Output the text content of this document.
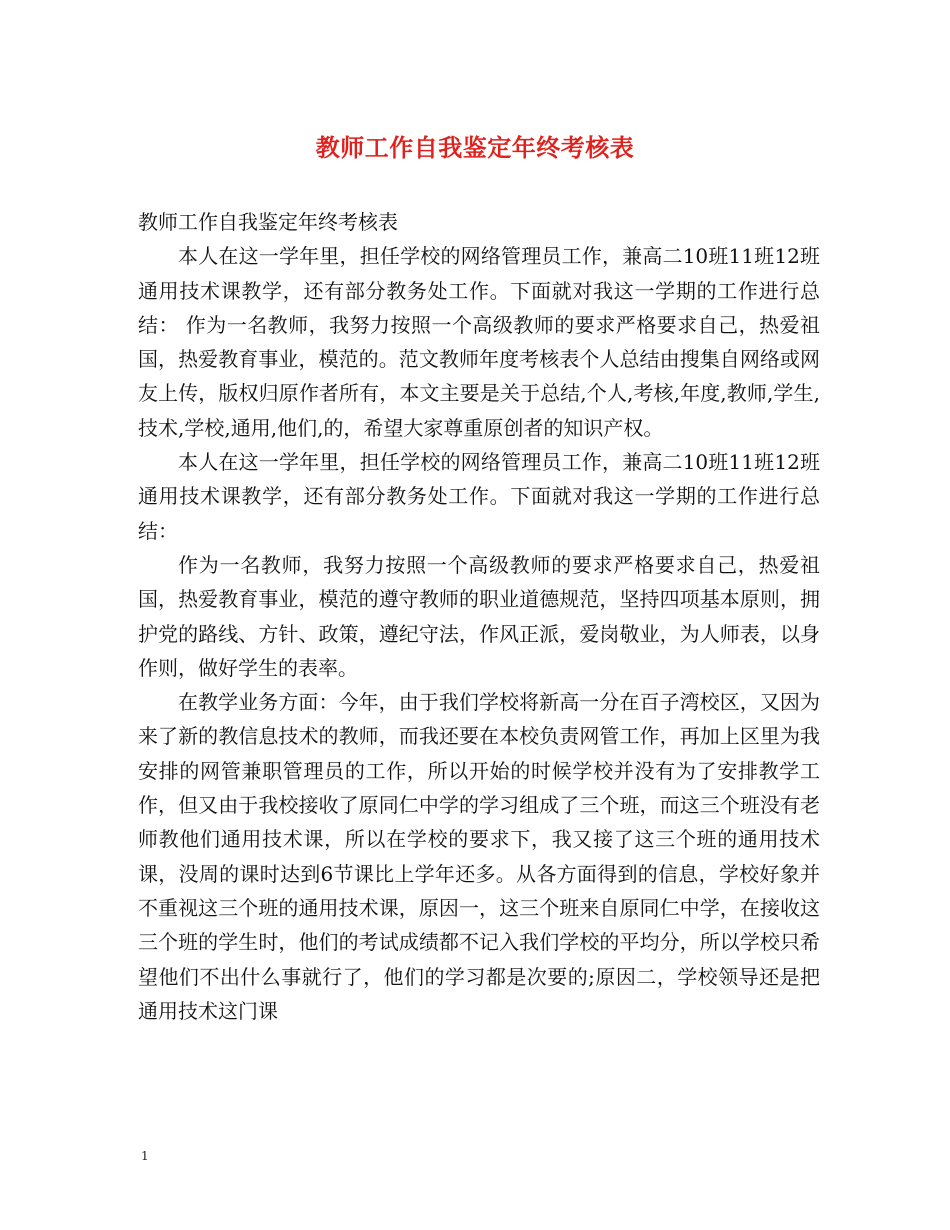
教师工作自我鉴定年终考核表

教师工作自我鉴定年终考核表

本人在这一学年里，担任学校的网络管理员工作，兼高二10班11班12班通用技术课教学，还有部分教务处工作。下面就对我这一学期的工作进行总结： 作为一名教师，我努力按照一个高级教师的要求严格要求自己，热爱祖国，热爱教育事业，模范的。范文教师年度考核表个人总结由搜集自网络或网友上传，版权归原作者所有，本文主要是关于总结,个人,考核,年度,教师,学生,技术,学校,通用,他们,的，希望大家尊重原创者的知识产权。

本人在这一学年里，担任学校的网络管理员工作，兼高二10班11班12班通用技术课教学，还有部分教务处工作。下面就对我这一学期的工作进行总结：

作为一名教师，我努力按照一个高级教师的要求严格要求自己，热爱祖国，热爱教育事业，模范的遵守教师的职业道德规范，坚持四项基本原则，拥护党的路线、方针、政策，遵纪守法，作风正派，爱岗敬业，为人师表，以身作则，做好学生的表率。

在教学业务方面：今年，由于我们学校将新高一分在百子湾校区，又因为来了新的教信息技术的教师，而我还要在本校负责网管工作，再加上区里为我安排的网管兼职管理员的工作，所以开始的时候学校并没有为了安排教学工作，但又由于我校接收了原同仁中学的学习组成了三个班，而这三个班没有老师教他们通用技术课，所以在学校的要求下，我又接了这三个班的通用技术课，没周的课时达到6节课比上学年还多。从各方面得到的信息，学校好象并不重视这三个班的通用技术课，原因一，这三个班来自原同仁中学，在接收这三个班的学生时，他们的考试成绩都不记入我们学校的平均分，所以学校只希望他们不出什么事就行了，他们的学习都是次要的;原因二，学校领导还是把通用技术这门课

1
